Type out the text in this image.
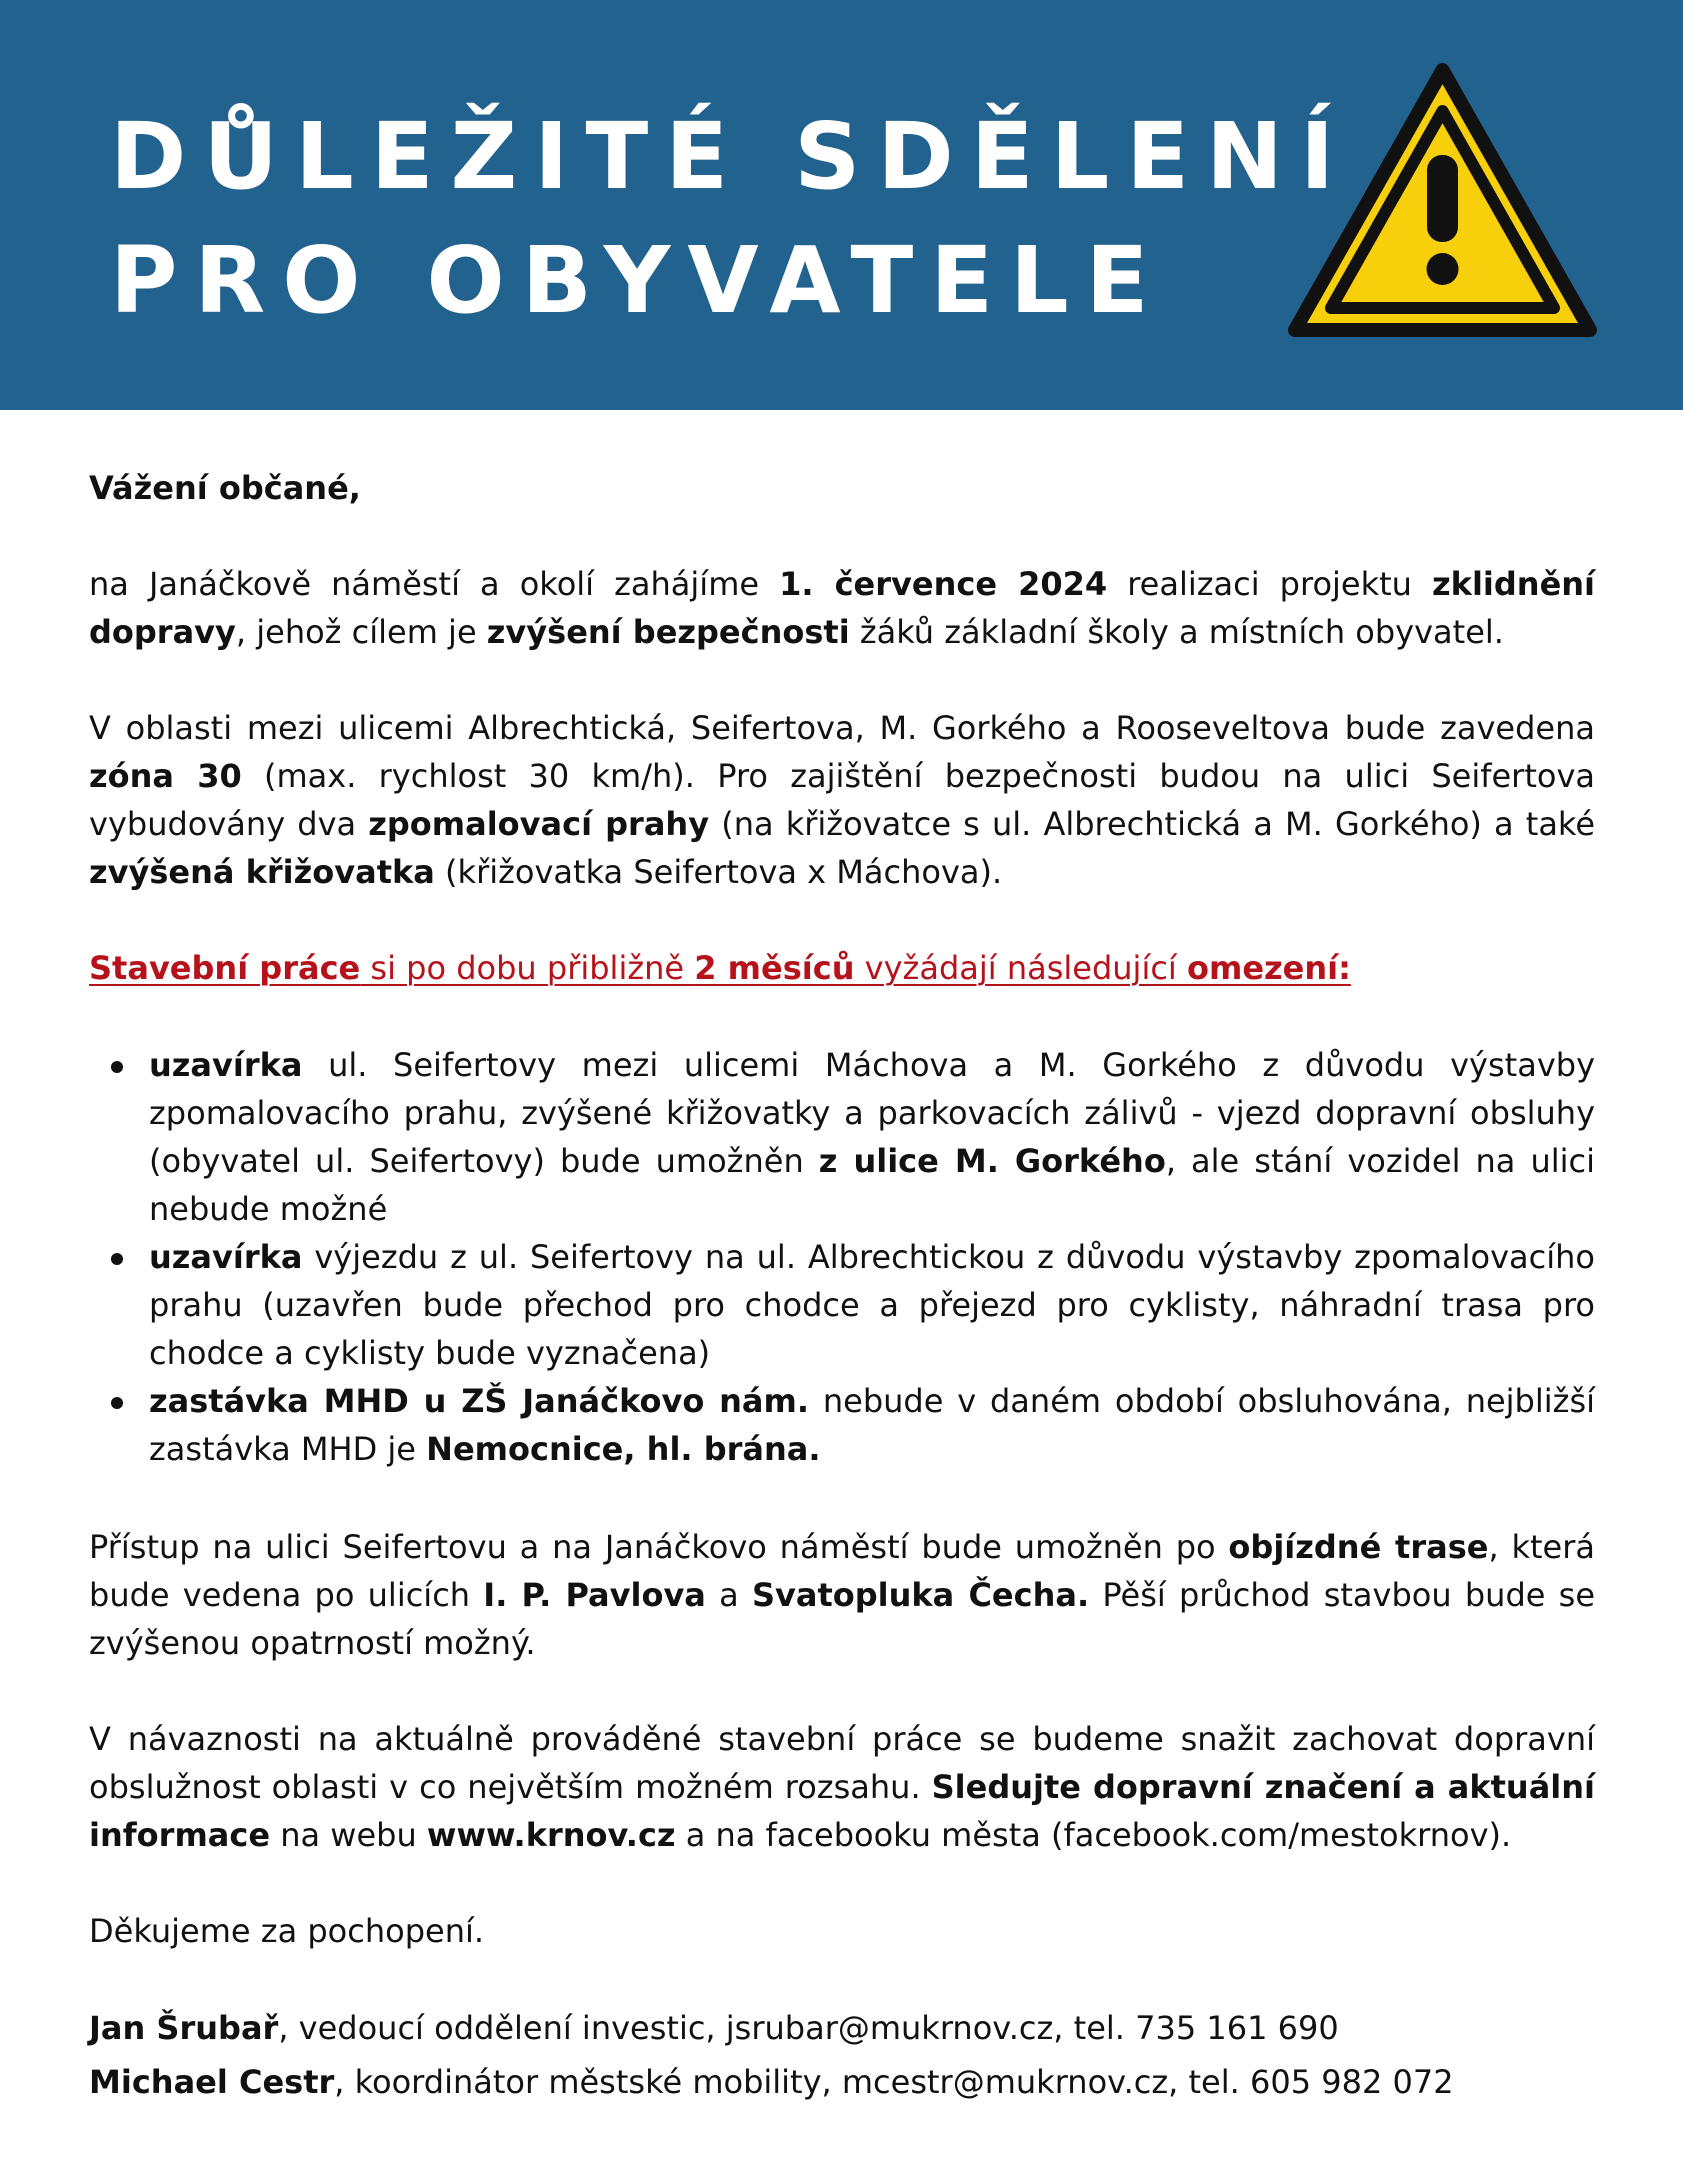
DŮLEŽITÉ SDĚLENÍ
PRO OBYVATELE

Vážení občané,

na Janáčkově náměstí a okolí zahájíme 1. července 2024 realizaci projektu zklidnění dopravy, jehož cílem je zvýšení bezpečnosti žáků základní školy a místních obyvatel.

V oblasti mezi ulicemi Albrechtická, Seifertova, M. Gorkého a Rooseveltova bude zavedena zóna 30 (max. rychlost 30 km/h). Pro zajištění bezpečnosti budou na ulici Seifertova vybudovány dva zpomalovací prahy (na křižovatce s ul. Albrechtická a M. Gorkého) a také zvýšená křižovatka (křižovatka Seifertova x Máchova).

Stavební práce si po dobu přibližně 2 měsíců vyžádají následující omezení:

uzavírka ul. Seifertovy mezi ulicemi Máchova a M. Gorkého z důvodu výstavby zpomalovacího prahu, zvýšené křižovatky a parkovacích zálivů - vjezd dopravní obsluhy (obyvatel ul. Seifertovy) bude umožněn z ulice M. Gorkého, ale stání vozidel na ulici nebude možné
uzavírka výjezdu z ul. Seifertovy na ul. Albrechtickou z důvodu výstavby zpomalovacího prahu (uzavřen bude přechod pro chodce a přejezd pro cyklisty, náhradní trasa pro chodce a cyklisty bude vyznačena)
zastávka MHD u ZŠ Janáčkovo nám. nebude v daném období obsluhována, nejbližší zastávka MHD je Nemocnice, hl. brána.

Přístup na ulici Seifertovu a na Janáčkovo náměstí bude umožněn po objízdné trase, která bude vedena po ulicích I. P. Pavlova a Svatopluka Čecha. Pěší průchod stavbou bude se zvýšenou opatrností možný.

V návaznosti na aktuálně prováděné stavební práce se budeme snažit zachovat dopravní obslužnost oblasti v co největším možném rozsahu. Sledujte dopravní značení a aktuální informace na webu www.krnov.cz a na facebooku města (facebook.com/mestokrnov).

Děkujeme za pochopení.

Jan Šrubař, vedoucí oddělení investic, jsrubar@mukrnov.cz, tel. 735 161 690

Michael Cestr, koordinátor městské mobility, mcestr@mukrnov.cz, tel. 605 982 072
